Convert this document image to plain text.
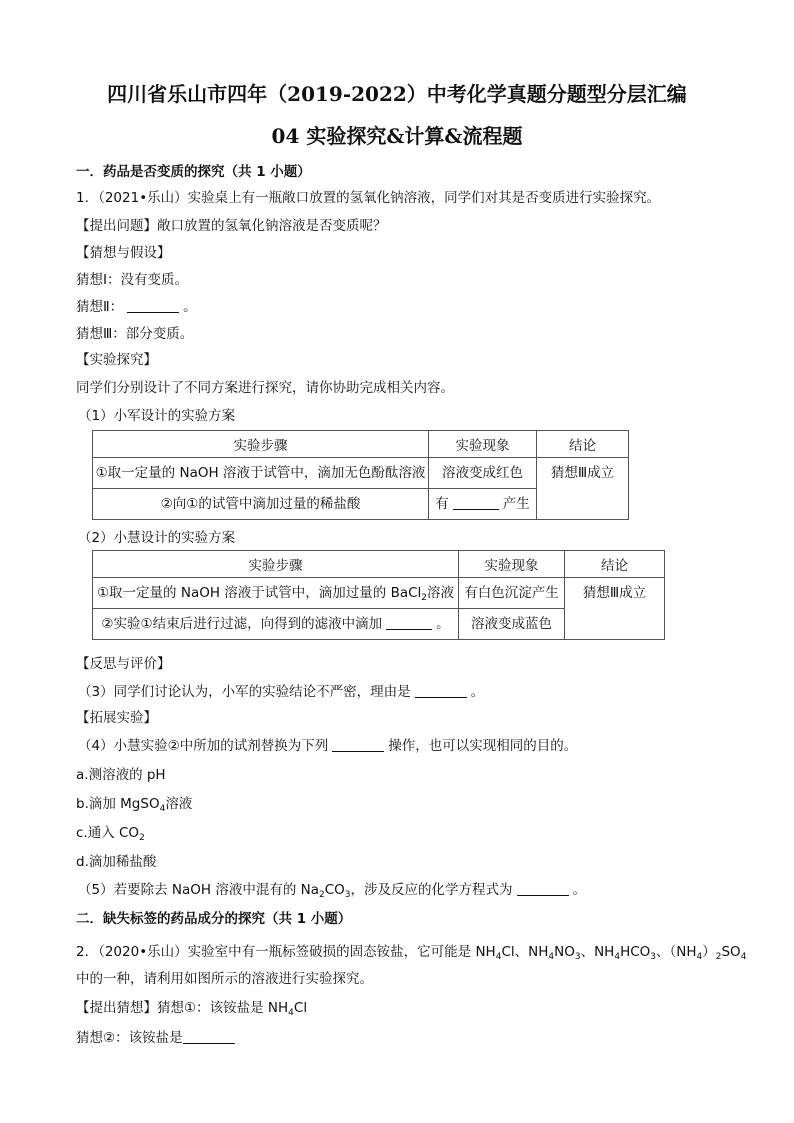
四川省乐山市四年（2019-2022）中考化学真题分题型分层汇编
04 实验探究&计算&流程题
一．药品是否变质的探究（共 1 小题）
1．（2021•乐山）实验桌上有一瓶敞口放置的氢氧化钠溶液，同学们对其是否变质进行实验探究。
【提出问题】敞口放置的氢氧化钠溶液是否变质呢？
【猜想与假设】
猜想Ⅰ：没有变质。
猜想Ⅱ：	。
猜想Ⅲ：部分变质。
【实验探究】
同学们分别设计了不同方案进行探究，请你协助完成相关内容。
（1）小军设计的实验方案
实验步骤	实验现象	结论
①取一定量的 NaOH 溶液于试管中，滴加无色酚酞溶液	溶液变成红色	猜想Ⅲ成立
②向①的试管中滴加过量的稀盐酸	有 产生	
（2）小慧设计的实验方案
实验步骤	实验现象	结论
①取一定量的 NaOH 溶液于试管中，滴加过量的 BaCl$_2$溶液	有白色沉淀产生	猜想Ⅲ成立
②实验①结束后进行过滤，向得到的滤液中滴加 。	溶液变成蓝色	
【反思与评价】
（3）同学们讨论认为，小军的实验结论不严密，理由是	。
【拓展实验】
（4）小慧实验②中所加的试剂替换为下列	操作，也可以实现相同的目的。
a.测溶液的 pH
b.滴加 MgSO$_4$溶液
c.通入 $CO_2$
d.滴加稀盐酸
（5）若要除去 NaOH 溶液中混有的 $Na_2CO_3$，涉及反应的化学方程式为	。
二．缺失标签的药品成分的探究（共 1 小题）
2．（2020•乐山）实验室中有一瓶标签破损的固态铵盐，它可能是 $NH_4Cl$、$NH_4NO_3$、$NH_4HCO_3$、$(NH_4)_2SO_4$
中的一种，请利用如图所示的溶液进行实验探究。
【提出猜想】猜想①：该铵盐是 $NH_4Cl$
猜想②：该铵盐是
